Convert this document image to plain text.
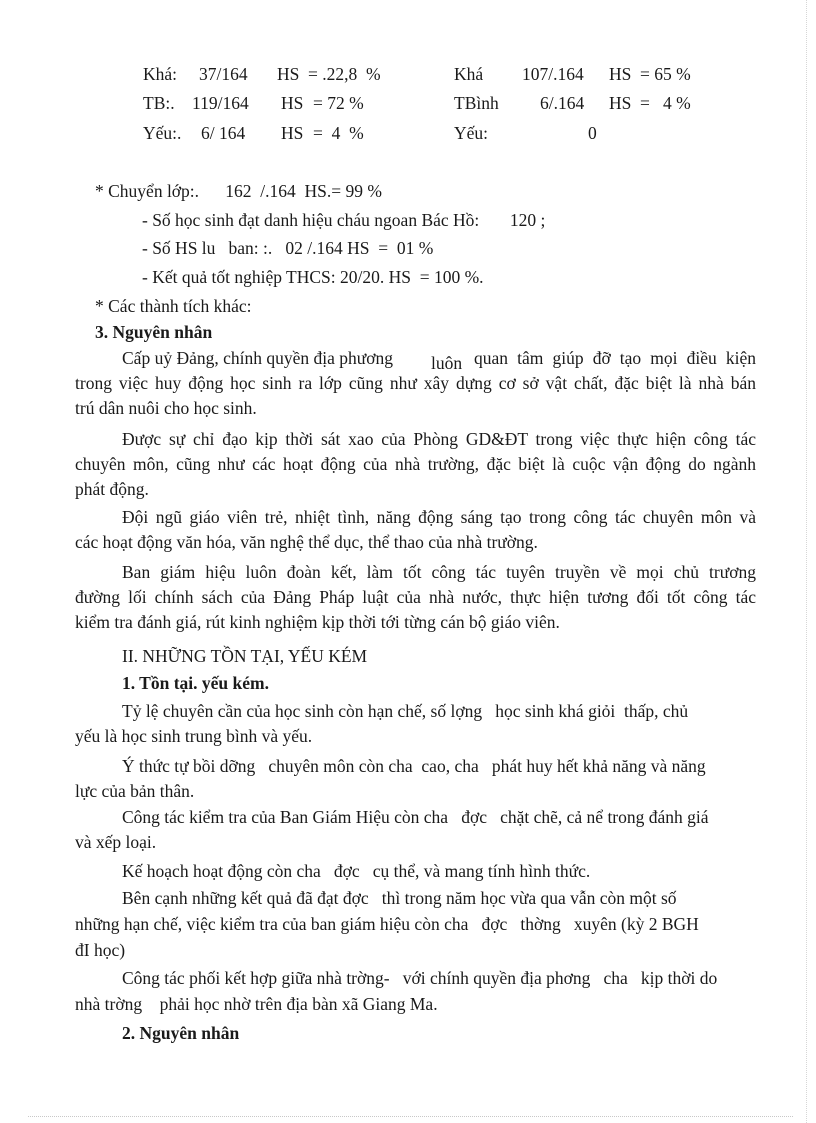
Khá: 37/164 HS = .22,8  %
TB:. 119/164 HS = 72 %
Yếu:. 6/ 164 HS =  4  %
Khá 107/.164 HS = 65 %
TBình 6/.164 HS =   4 %
Yếu:	0
* Chuyển lớp:.      162  /.164  HS.= 99 %
- Số học sinh đạt danh hiệu cháu ngoan Bác Hồ:       120 ;
- Số HS lu   ban: :.   02 /.164 HS  =  01 %
- Kết quả tốt nghiệp THCS: 20/20. HS  = 100 %.
* Các thành tích khác:
3. Nguyên nhân
Cấp uỷ Đảng, chính quyền địa phương luôn quan tâm giúp đỡ tạo mọi điều kiện
trong việc huy động học sinh ra lớp cũng như xây dựng cơ sở vật chất, đặc biệt là nhà bán
trú dân nuôi cho học sinh.
Được sự chỉ đạo kịp thời sát xao của Phòng GD&ĐT trong việc thực hiện công tác
chuyên môn, cũng như các hoạt động của nhà trường, đặc biệt là cuộc vận động do ngành
phát động.
Đội ngũ giáo viên trẻ, nhiệt tình, năng động sáng tạo trong công tác chuyên môn và
các hoạt động văn hóa, văn nghệ thể dục, thể thao của nhà trường.
Ban giám hiệu luôn đoàn kết, làm tốt công tác tuyên truyền về mọi chủ trương
đường lối chính sách của Đảng Pháp luật của nhà nước, thực hiện tương đối tốt công tác
kiểm tra đánh giá, rút kinh nghiệm kịp thời tới từng cán bộ giáo viên.
II. NHỮNG TỒN TẠI, YẾU KÉM
1. Tồn tại. yếu kém.
Tỷ lệ chuyên cần của học sinh còn hạn chế, số lợng   học sinh khá giỏi  thấp, chủ
yếu là học sinh trung bình và yếu.
Ý thức tự bồi dỡng   chuyên môn còn cha  cao, cha   phát huy hết khả năng và năng
lực của bản thân.
Công tác kiểm tra của Ban Giám Hiệu còn cha   đợc   chặt chẽ, cả nể trong đánh giá
và xếp loại.
Kế hoạch hoạt động còn cha   đợc   cụ thể, và mang tính hình thức.
Bên cạnh những kết quả đã đạt đợc   thì trong năm học vừa qua vẫn còn một số
những hạn chế, việc kiểm tra của ban giám hiệu còn cha   đợc   thờng   xuyên (kỳ 2 BGH
đI học)
Công tác phối kết hợp giữa nhà trờng-   với chính quyền địa phơng   cha   kịp thời do
nhà trờng    phải học nhờ trên địa bàn xã Giang Ma.
2. Nguyên nhân
